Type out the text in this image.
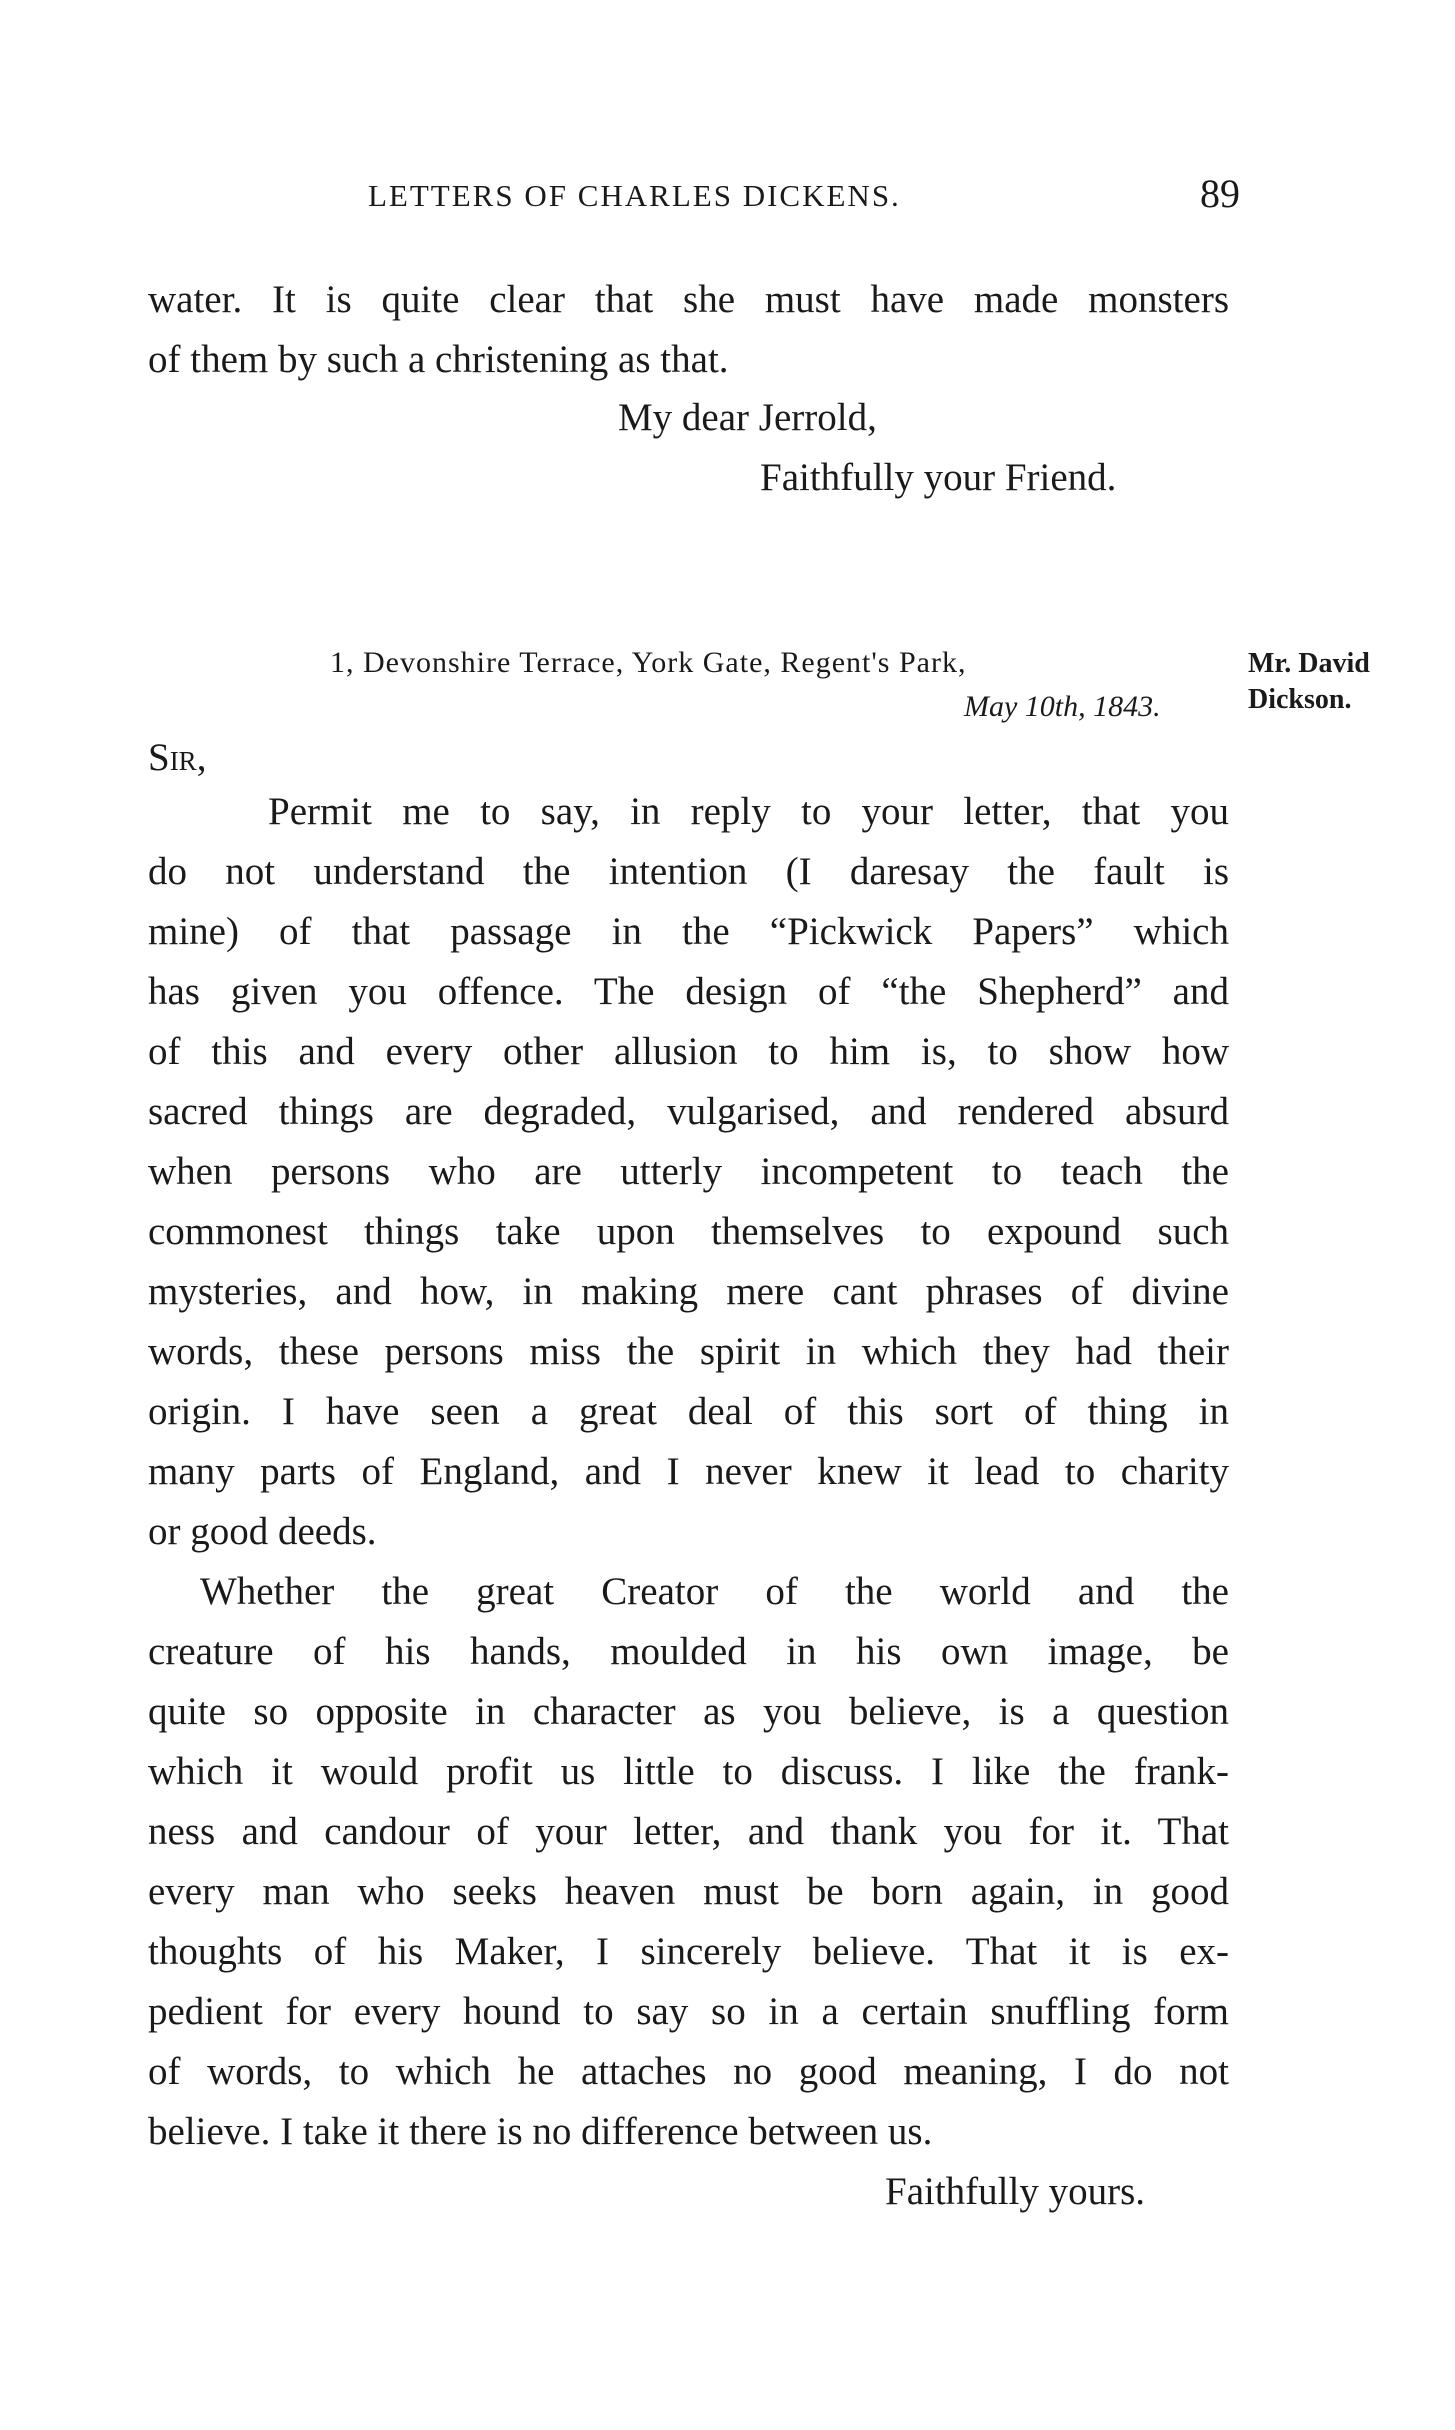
LETTERS OF CHARLES DICKENS.	89
water. It is quite clear that she must have made monsters
of them by such a christening as that.
My dear Jerrold,
Faithfully your Friend.
1, Devonshire Terrace, York Gate, Regent's Park,
May 10th, 1843.
Mr. David
Dickson.
Sir,
Permit me to say, in reply to your letter, that you
do not understand the intention (I daresay the fault is
mine) of that passage in the “Pickwick Papers” which
has given you offence. The design of “the Shepherd” and
of this and every other allusion to him is, to show how
sacred things are degraded, vulgarised, and rendered absurd
when persons who are utterly incompetent to teach the
commonest things take upon themselves to expound such
mysteries, and how, in making mere cant phrases of divine
words, these persons miss the spirit in which they had their
origin. I have seen a great deal of this sort of thing in
many parts of England, and I never knew it lead to charity
or good deeds.
Whether the great Creator of the world and the
creature of his hands, moulded in his own image, be
quite so opposite in character as you believe, is a question
which it would profit us little to discuss. I like the frank-
ness and candour of your letter, and thank you for it. That
every man who seeks heaven must be born again, in good
thoughts of his Maker, I sincerely believe. That it is ex-
pedient for every hound to say so in a certain snuffling form
of words, to which he attaches no good meaning, I do not
believe. I take it there is no difference between us.
Faithfully yours.
